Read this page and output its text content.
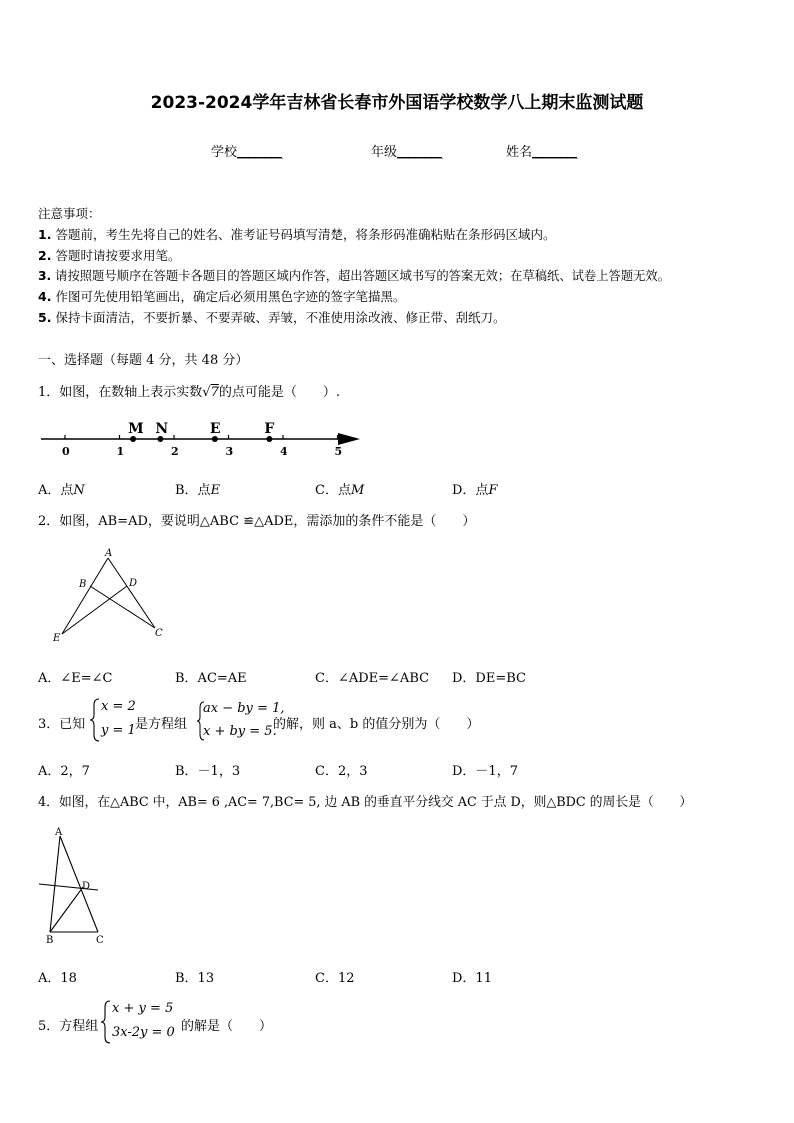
2023-2024学年吉林省长春市外国语学校数学八上期末监测试题
学校________	年级________	姓名________
注意事项：
1. 答题前，考生先将自己的姓名、准考证号码填写清楚，将条形码准确粘贴在条形码区域内。
2. 答题时请按要求用笔。
3. 请按照题号顺序在答题卡各题目的答题区域内作答，超出答题区域书写的答案无效；在草稿纸、试卷上答题无效。
4. 作图可先使用铅笔画出，确定后必须用黑色字迹的签字笔描黑。
5. 保持卡面清洁，不要折暴、不要弄破、弄皱，不准使用涂改液、修正带、刮纸刀。
一、选择题（每题 4 分，共 48 分）
1．如图，在数轴上表示实数√7的点可能是（　　）.
0	1	2	3	4	5
M N	E	F
A．点N	B．点E	C．点M	D．点F
2．如图，AB=AD，要说明△ABC ≌△ADE，需添加的条件不能是（　　）
A
B	D
E	C
A．∠E=∠C	B．AC=AE	C．∠ADE=∠ABC D．DE=BC
3．已知
x = 2
y = 1 是方程组
ax − by = 1,
x + by = 5.
的解，则 a、b 的值分别为（　　）
A．2，7	B．－1，3	C．2，3	D．－1，7
4．如图，在△ABC 中，AB= 6 ,AC= 7,BC= 5, 边 AB 的垂直平分线交 AC 于点 D，则△BDC 的周长是（　　）
A
D
B	C
A．18	B．13	C．12	D．11
5．方程组
x + y = 5
3x-2y = 0 的解是（　　）
